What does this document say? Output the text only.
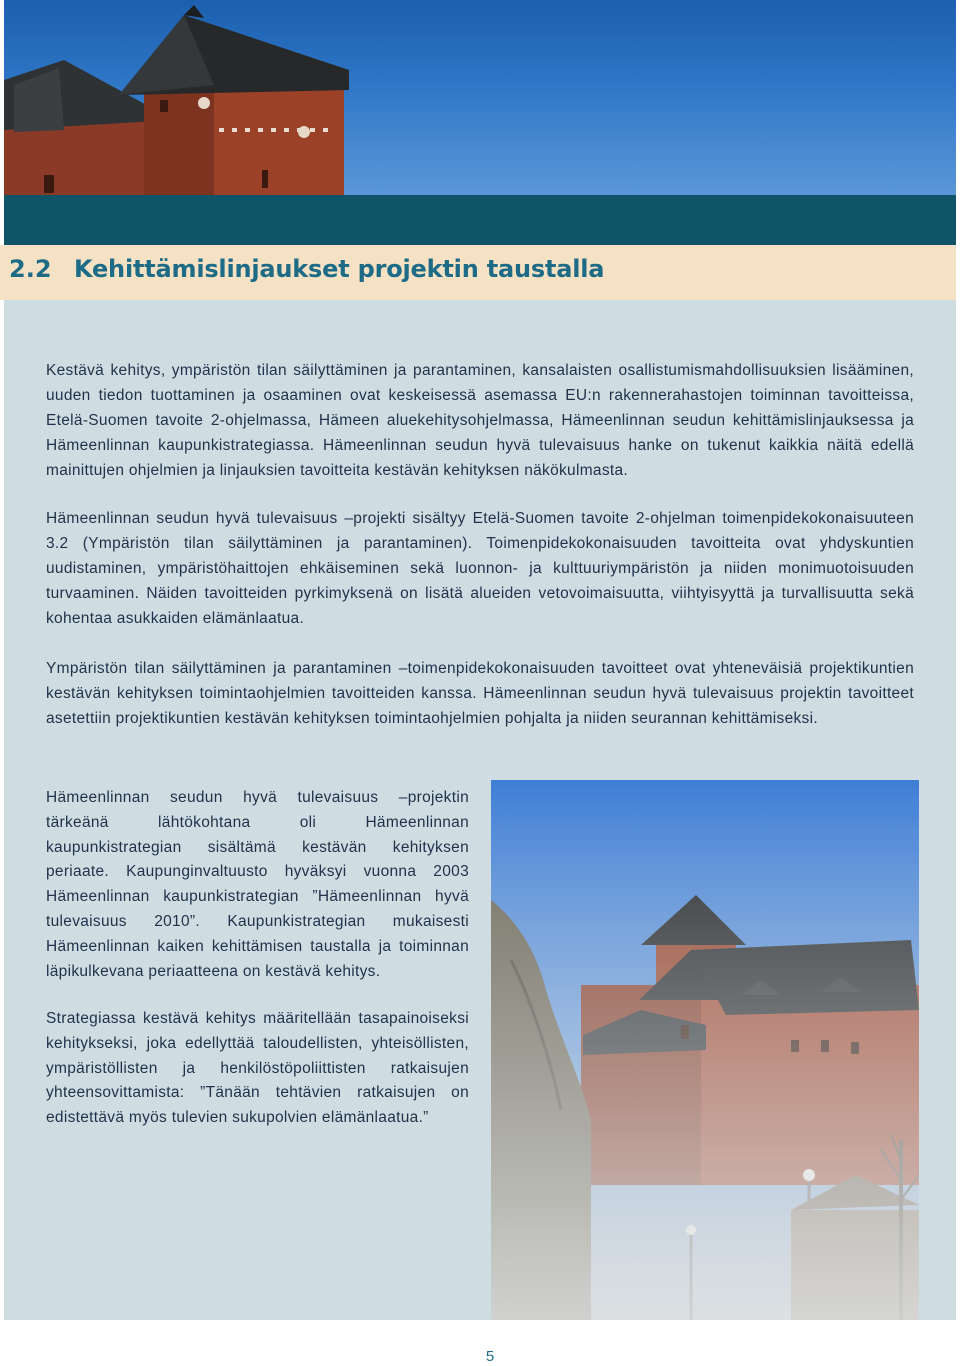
2.2 Kehittämislinjaukset projektin taustalla

Kestävä kehitys, ympäristön tilan säilyttäminen ja parantaminen, kansalaisten osallistumismahdollisuuksien lisääminen, uuden tiedon tuottaminen ja osaaminen ovat keskeisessä asemassa EU:n rakennerahastojen toiminnan tavoitteissa, Etelä-Suomen tavoite 2-ohjelmassa, Hämeen aluekehitysohjelmassa, Hämeenlinnan seudun kehittämislinjauksessa ja Hämeenlinnan kaupunkistrategiassa. Hämeenlinnan seudun hyvä tulevaisuus hanke on tukenut kaikkia näitä edellä mainittujen ohjelmien ja linjauksien tavoitteita kestävän kehityksen näkökulmasta.

Hämeenlinnan seudun hyvä tulevaisuus –projekti sisältyy Etelä-Suomen tavoite 2-ohjelman toimenpidekokonaisuuteen 3.2 (Ympäristön tilan säilyttäminen ja parantaminen). Toimenpidekokonaisuuden tavoitteita ovat yhdyskuntien uudistaminen, ympäristöhaittojen ehkäiseminen sekä luonnon- ja kulttuuriympäristön ja niiden monimuotoisuuden turvaaminen. Näiden tavoitteiden pyrkimyksenä on lisätä alueiden vetovoimaisuutta, viihtyisyyttä ja turvallisuutta sekä kohentaa asukkaiden elämänlaatua.

Ympäristön tilan säilyttäminen ja parantaminen –toimenpidekokonaisuuden tavoitteet ovat yhteneväisiä projektikuntien kestävän kehityksen toimintaohjelmien tavoitteiden kanssa. Hämeenlinnan seudun hyvä tulevaisuus projektin tavoitteet asetettiin projektikuntien kestävän kehityksen toimintaohjelmien pohjalta ja niiden seurannan kehittämiseksi.

Hämeenlinnan seudun hyvä tulevaisuus –projektin tärkeänä lähtökohtana oli Hämeenlinnan kaupunkistrategian sisältämä kestävän kehityksen periaate. Kaupunginvaltuusto hyväksyi vuonna 2003 Hämeenlinnan kaupunkistrategian ”Hämeenlinnan hyvä tulevaisuus 2010”. Kaupunkistrategian mukaisesti Hämeenlinnan kaiken kehittämisen taustalla ja toiminnan läpikulkevana periaatteena on kestävä kehitys.

Strategiassa kestävä kehitys määritellään tasapainoiseksi kehitykseksi, joka edellyttää taloudellisten, yhteisöllisten, ympäristöllisten ja henkilöstöpoliittisten ratkaisujen yhteensovittamista: ”Tänään tehtävien ratkaisujen on edistettävä myös tulevien sukupolvien elämänlaatua.”

5
